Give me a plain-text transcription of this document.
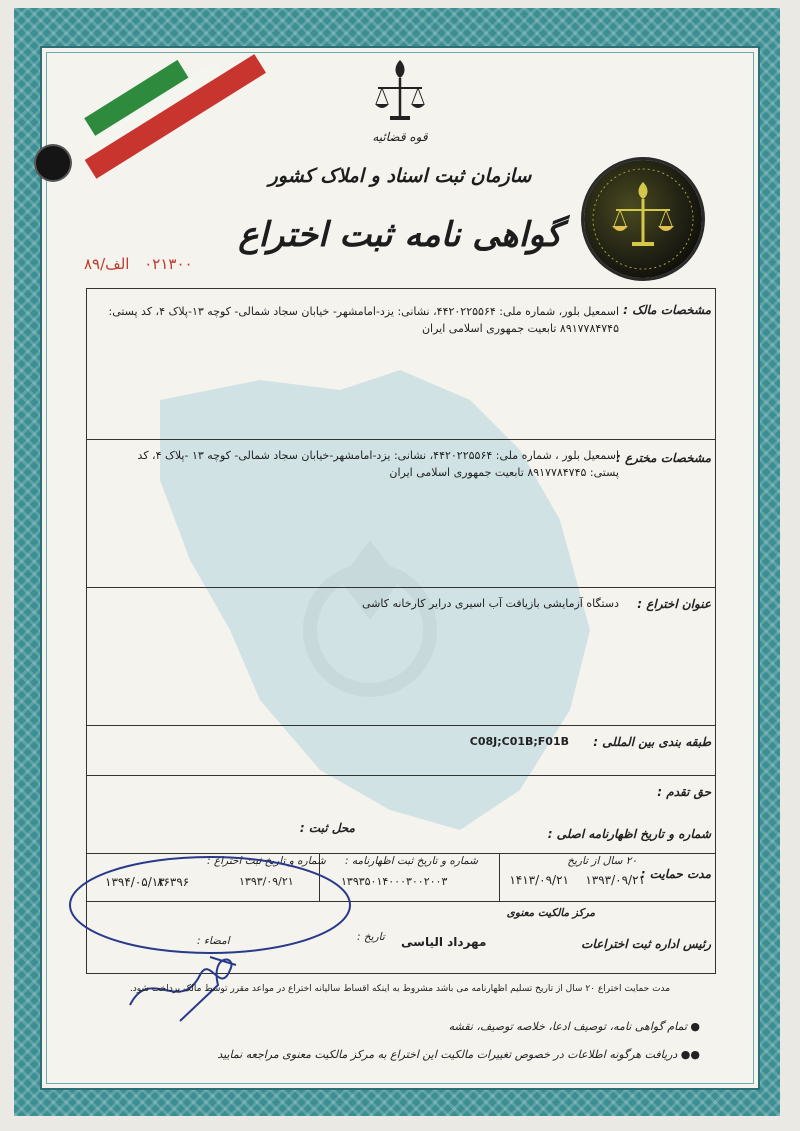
قوه قضائیه
سازمان ثبت اسناد و املاک کشور
گواهی نامه ثبت اختراع
۰۲۱۳۰۰ الف/۸۹
مشخصات مالک :
اسمعیل بلور، شماره ملی: ۴۴۲۰۲۲۵۵۶۴، نشانی: یزد-امامشهر- خیابان سجاد شمالی- کوچه ۱۳-پلاک ۴، کد پستی:
۸۹۱۷۷۸۴۷۴۵ تابعیت جمهوری اسلامی ایران
مشخصات مخترع :
اسمعیل بلور ، شماره ملی: ۴۴۲۰۲۲۵۵۶۴، نشانی: یزد-امامشهر-خیابان سجاد شمالی- کوچه ۱۳ -پلاک ۴، کد
پستی: ۸۹۱۷۷۸۴۷۴۵ تابعیت جمهوری اسلامی ایران
عنوان اختراع :
دستگاه آزمایشی بازیافت آب اسیری درایر کارخانه کاشی
طبقه بندی بین المللی :
C08J;C01B;F01B
حق تقدم :
شماره و تاریخ اظهارنامه اصلی :
محل ثبت :
مدت حمایت :
۲۰ سال از تاریخ
۱۳۹۳/۰۹/۲۱
۱۴۱۳/۰۹/۲۱
شماره و تاریخ ثبت اظهارنامه :
۱۳۹۳۵۰۱۴۰۰۰۳۰۰۲۰۰۳
۱۳۹۳/۰۹/۲۱
شماره و تاریخ ثبت اختراع :
۸۶۳۹۶
۱۳۹۴/۰۵/۱۳
مرکز مالکیت معنوی
رئیس اداره ثبت اختراعات
تاریخ : مهرداد الیاسی
امضاء :
مدت حمایت اختراع ۲۰ سال از تاریخ تسلیم اظهارنامه می باشد مشروط به اینکه اقساط سالیانه اختراع در مواعد مقرر توسط مالک پرداخت شود.
● تمام گواهی نامه، توصیف ادعا، خلاصه توصیف، نقشه
●● دریافت هرگونه اطلاعات در خصوص تغییرات مالکیت این اختراع به مرکز مالکیت معنوی مراجعه نمایید
